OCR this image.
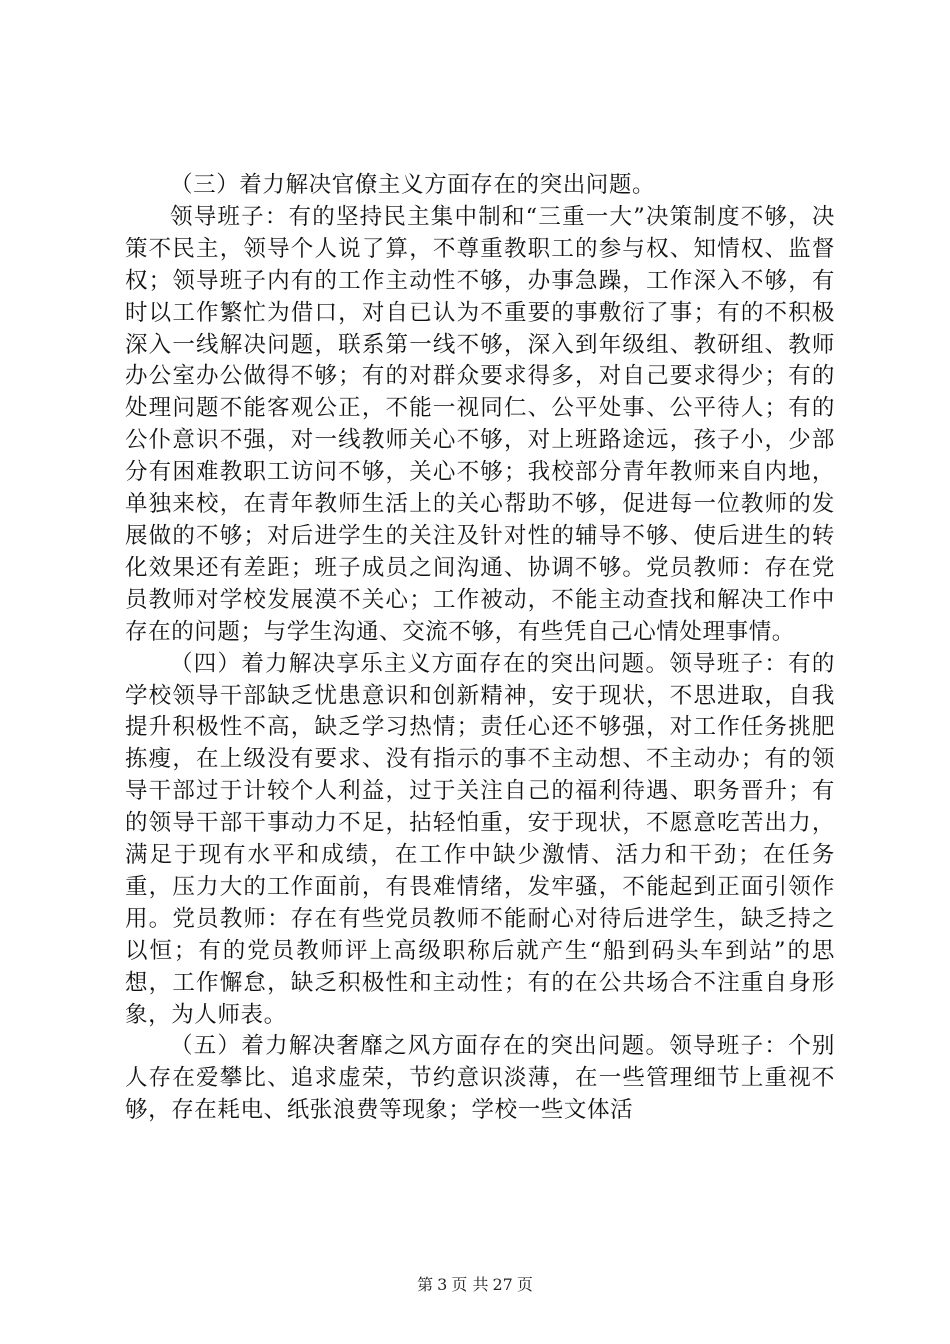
（三）着力解决官僚主义方面存在的突出问题。

领导班子：有的坚持民主集中制和“三重一大”决策制度不够，决策不民主，领导个人说了算，不尊重教职工的参与权、知情权、监督权；领导班子内有的工作主动性不够，办事急躁，工作深入不够，有时以工作繁忙为借口，对自已认为不重要的事敷衍了事；有的不积极深入一线解决问题，联系第一线不够，深入到年级组、教研组、教师办公室办公做得不够；有的对群众要求得多，对自己要求得少；有的处理问题不能客观公正，不能一视同仁、公平处事、公平待人；有的公仆意识不强，对一线教师关心不够，对上班路途远，孩子小，少部分有困难教职工访问不够，关心不够；我校部分青年教师来自内地，单独来校，在青年教师生活上的关心帮助不够，促进每一位教师的发展做的不够；对后进学生的关注及针对性的辅导不够、使后进生的转化效果还有差距；班子成员之间沟通、协调不够。党员教师：存在党员教师对学校发展漠不关心；工作被动，不能主动查找和解决工作中存在的问题；与学生沟通、交流不够，有些凭自己心情处理事情。

（四）着力解决享乐主义方面存在的突出问题。领导班子：有的学校领导干部缺乏忧患意识和创新精神，安于现状，不思进取，自我提升积极性不高，缺乏学习热情；责任心还不够强，对工作任务挑肥拣瘦，在上级没有要求、没有指示的事不主动想、不主动办；有的领导干部过于计较个人利益，过于关注自己的福利待遇、职务晋升；有的领导干部干事动力不足，拈轻怕重，安于现状，不愿意吃苦出力，满足于现有水平和成绩，在工作中缺少激情、活力和干劲；在任务重，压力大的工作面前，有畏难情绪，发牢骚，不能起到正面引领作用。党员教师：存在有些党员教师不能耐心对待后进学生，缺乏持之以恒；有的党员教师评上高级职称后就产生“船到码头车到站”的思想，工作懈怠，缺乏积极性和主动性；有的在公共场合不注重自身形象，为人师表。

（五）着力解决奢靡之风方面存在的突出问题。领导班子：个别人存在爱攀比、追求虚荣，节约意识淡薄，在一些管理细节上重视不够，存在耗电、纸张浪费等现象；学校一些文体活

第 3 页 共 27 页
